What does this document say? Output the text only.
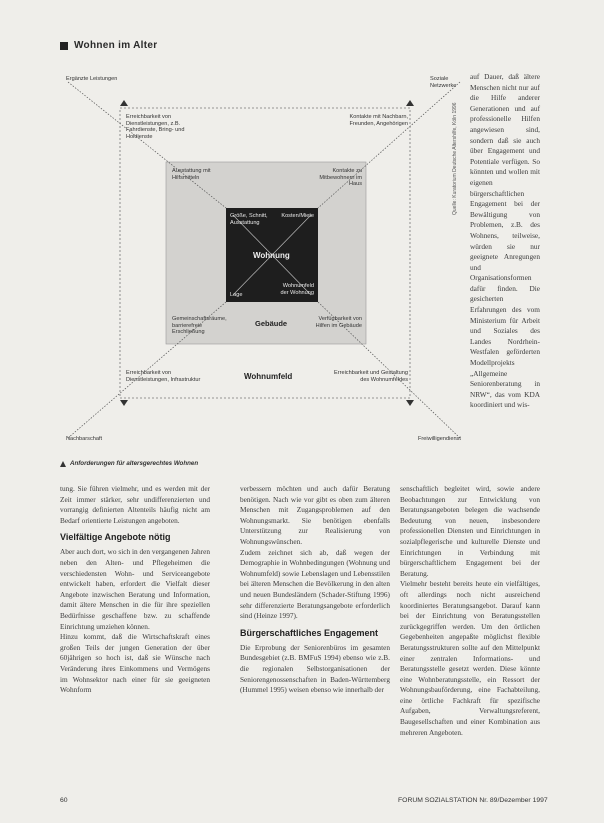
Wohnen im Alter
Ergänzte Leistungen	Soziale Netzwerke
Nachbarschaft	Freiwilligendienst
Erreichbarkeit von Dienstleistungen, z.B. Fahrdienste, Bring- und Holdienste
Kontakte mit Nachbarn, Freunden, Angehörigen
Erreichbarkeit von Dienstleistungen, Infrastruktur
Erreichbarkeit und Gestaltung des Wohnumfeldes
Ausstattung mit Hilfsmitteln
Kontakte zu Mitbewohnern im Haus
Gemeinschaftsräume, barrierefreie Erschließung
Verfügbarkeit von Hilfen im Gebäude
Größe, Schnitt, Ausstattung
Kosten/Miete
Lage
Wohnumfeld der Wohnung
Wohnung
Gebäude
Wohnumfeld
Quelle: Kuratorium Deutsche Altershilfe, Köln 1996
Anforderungen für altersgerechtes Wohnen

auf Dauer, daß ältere Menschen nicht nur auf die Hilfe anderer Generationen und auf professionelle Hilfen angewiesen sind, sondern daß sie auch über Engagement und Potentiale verfügen. So könnten und wollen mit eigenen bürgerschaftlichen Engagement bei der Bewältigung von Problemen, z.B. des Wohnens, teilweise, würden sie nur geeignete Anregungen und Organisationsformen dafür finden. Die gesicherten Erfahrungen des vom Ministerium für Arbeit und Soziales des Landes Nordrhein-Westfalen geförderten Modellprojekts „Allgemeine Seniorenberatung in NRW“, das vom KDA koordiniert und wis-

tung. Sie führen vielmehr, und es werden mit der Zeit immer stärker, sehr undifferenzierten und vorrangig definierten Altenteils häufig nicht am Bedarf orientierte Leistungen angeboten.

Vielfältige Angebote nötig

Aber auch dort, wo sich in den vergangenen Jahren neben den Alten- und Pflegeheimen die verschiedensten Wohn- und Serviceangebote entwickelt haben, erfordert die Vielfalt dieser Angebote inzwischen Beratung und Information, damit ältere Menschen in die für ihre speziellen Bedürfnisse geschaffene bzw. zu schaffende Einrichtung umziehen können.

Hinzu kommt, daß die Wirtschaftskraft eines großen Teils der jungen Generation der über 60jährigen so hoch ist, daß sie Wünsche nach Veränderung ihres Einkommens und Vermögens im Wohnsektor nach einer für sie geeigneten Wohnform

verbessern möchten und auch dafür Beratung benötigen. Nach wie vor gibt es oben zum älteren Menschen mit Zugangsproblemen auf den Wohnungsmarkt. Sie benötigen ebenfalls Unterstützung zur Realisierung von Wohnungswünschen.

Zudem zeichnet sich ab, daß wegen der Demographie in Wohnbedingungen (Wohnung und Wohnumfeld) sowie Lebenslagen und Lebensstilen bei älteren Menschen die Bevölkerung in den alten und neuen Bundesländern (Schader-Stiftung 1996) sehr differenzierte Beratungsangebote erforderlich sind (Heinze 1997).

Bürgerschaftliches Engagement

Die Erprobung der Seniorenbüros im gesamten Bundesgebiet (z.B. BMFuS 1994) ebenso wie z.B. die regionalen Selbstorganisationen der Seniorengenossenschaften in Baden-Württemberg (Hummel 1995) weisen ebenso wie innerhalb der

senschaftlich begleitet wird, sowie andere Beobachtungen zur Entwicklung von Beratungsangeboten belegen die wachsende Bedeutung von neuen, insbesondere professionellen Diensten und Einrichtungen in sozialpflegerische und kulturelle Dienste und Einrichtungen in Verbindung mit bürgerschaftlichem Engagement bei der Beratung.

Vielmehr besteht bereits heute ein vielfältiges, oft allerdings noch nicht ausreichend koordiniertes Beratungsangebot. Darauf kann bei der Einrichtung von Beratungsstellen zurückgegriffen werden. Um den örtlichen Gegebenheiten angepaßte möglichst flexible Beratungsstrukturen sollte auf den Mittelpunkt einer zentralen Informations- und Beratungsstelle gesetzt werden. Diese könnte eine Wohnberatungsstelle, ein Ressort der Wohnungsbauförderung, eine Fachabteilung, eine örtliche Fachkraft für spezifische Aufgaben, Verwaltungsreferent, Baugesellschaften und einer Kombination aus mehreren Angeboten.

60	FORUM SOZIALSTATION Nr. 89/Dezember 1997
